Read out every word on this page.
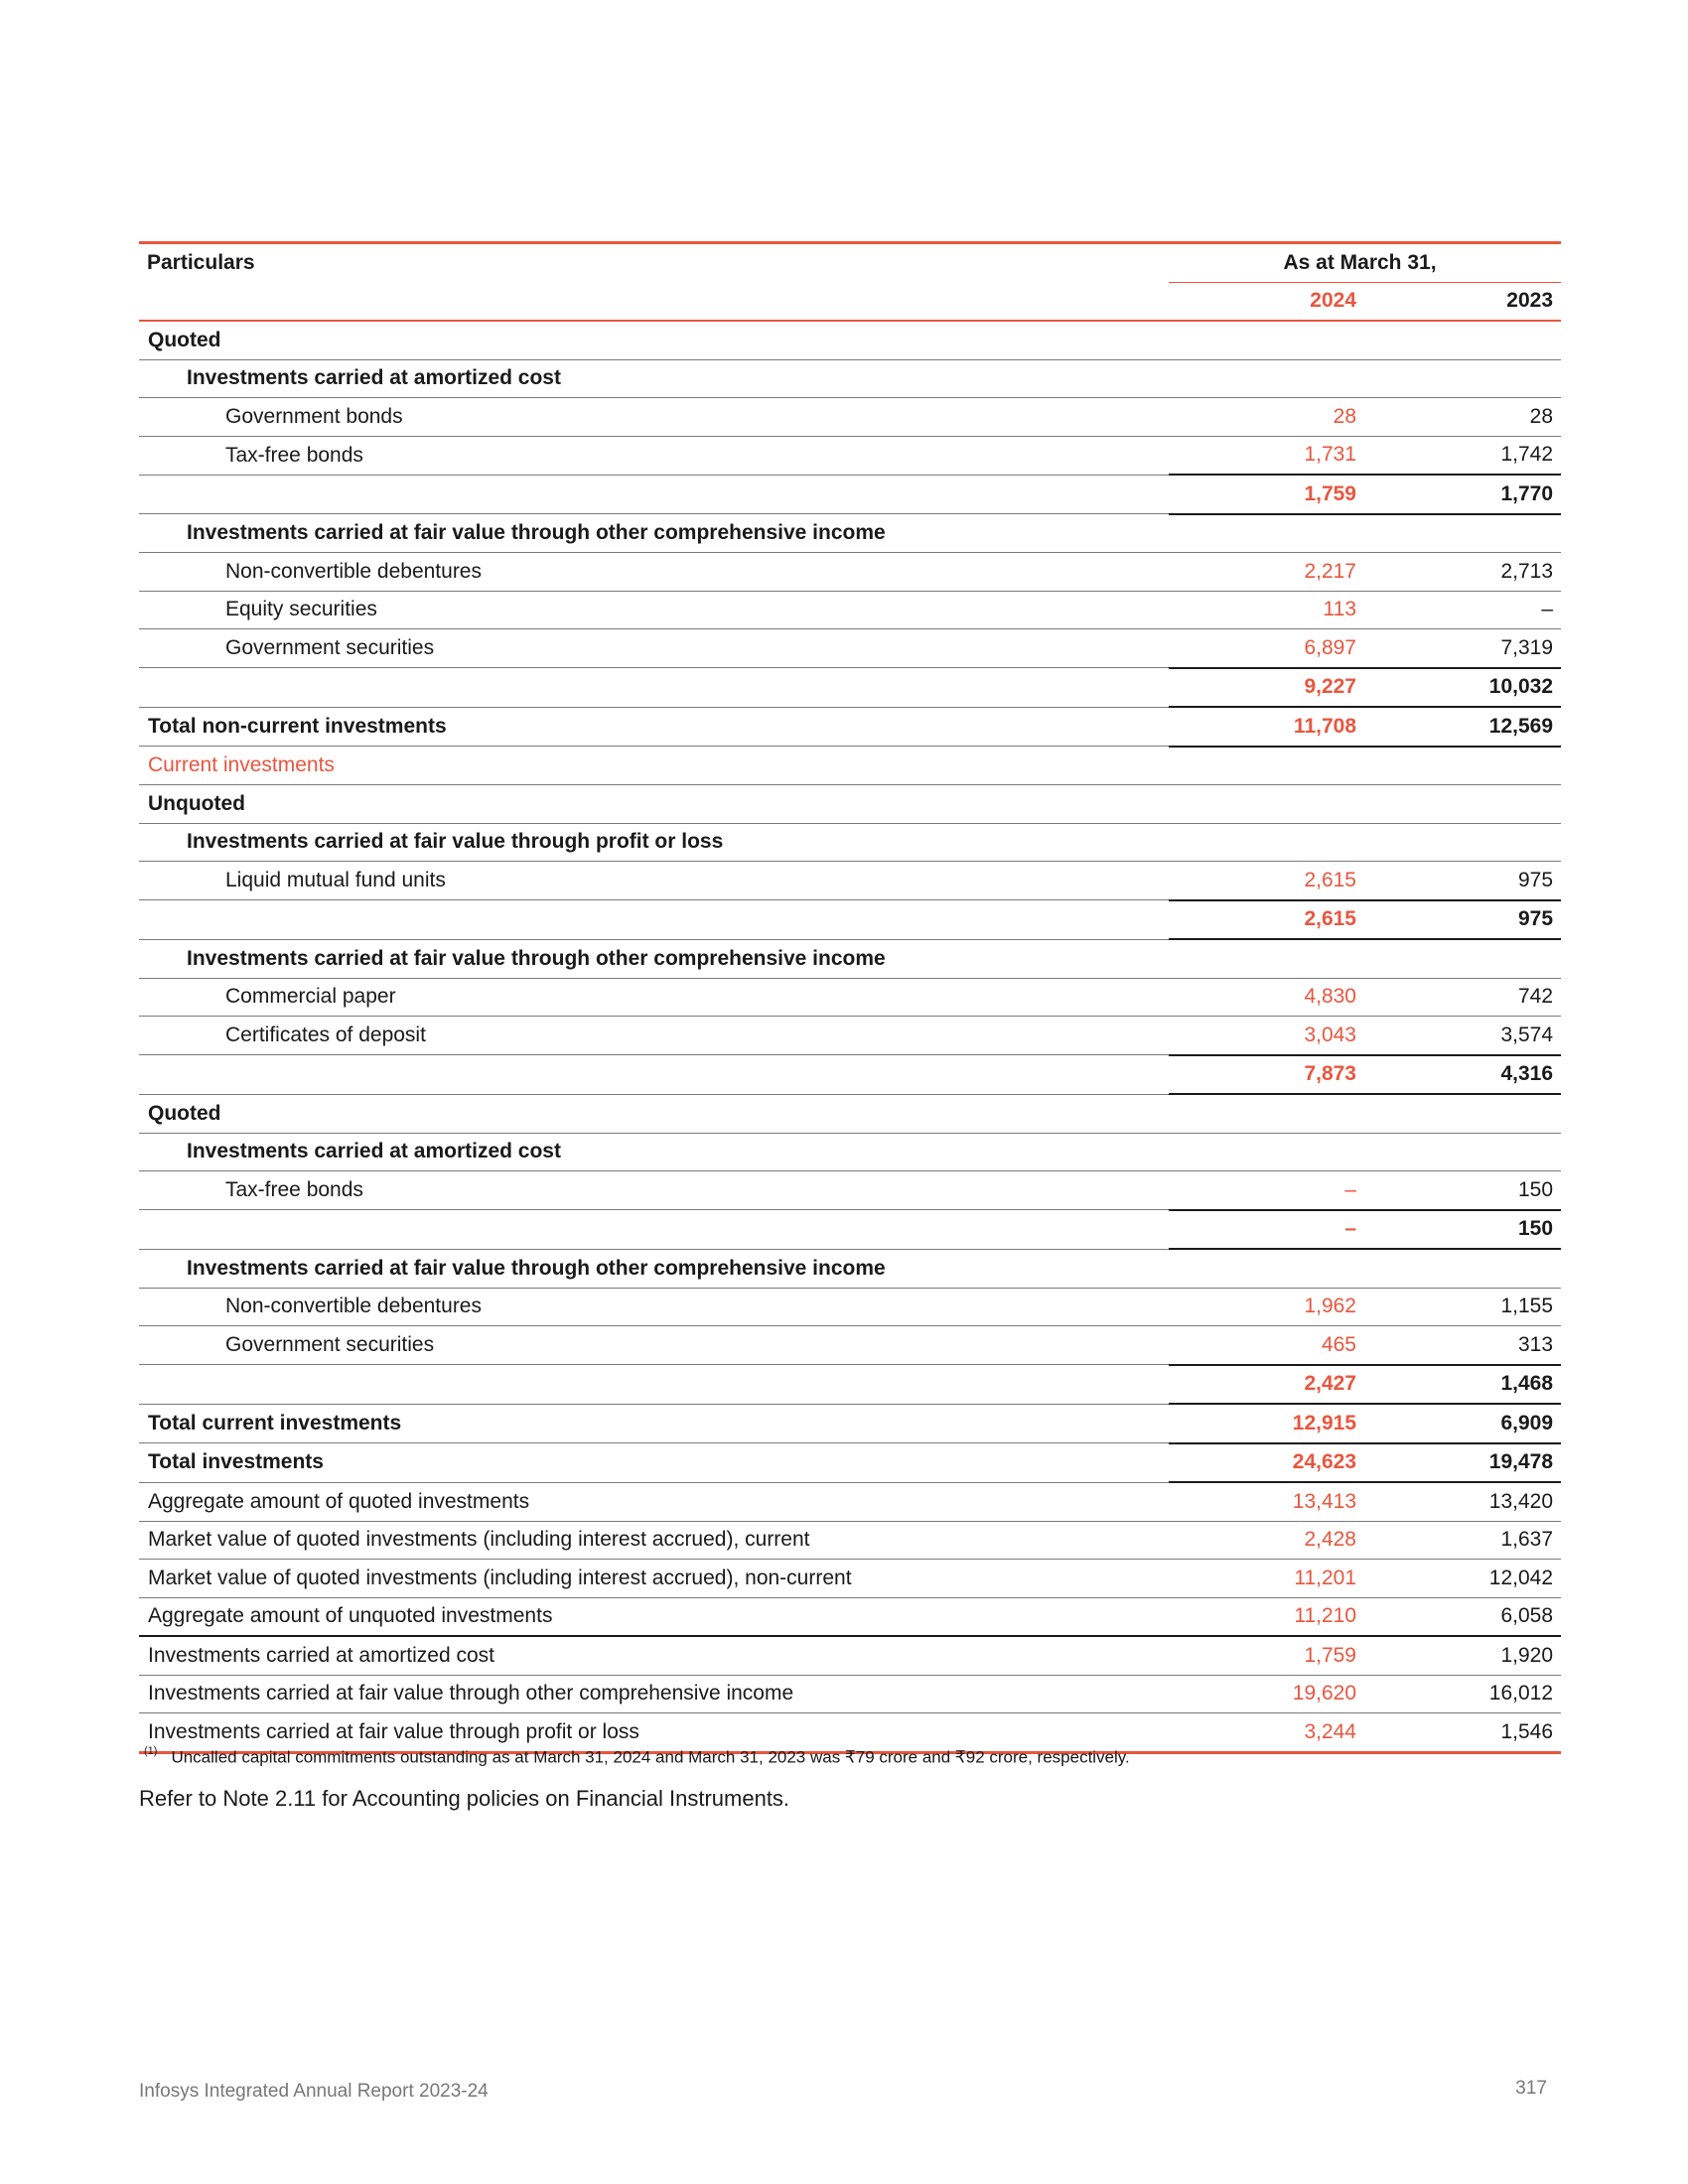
Particulars	As at March 31,	
	2024	2023
Quoted		
Investments carried at amortized cost		
Government bonds	28	28
Tax-free bonds	1,731	1,742
	1,759	1,770
Investments carried at fair value through other comprehensive income		
Non-convertible debentures	2,217	2,713
Equity securities	113	–
Government securities	6,897	7,319
	9,227	10,032
Total non-current investments	11,708	12,569
Current investments		
Unquoted		
Investments carried at fair value through profit or loss		
Liquid mutual fund units	2,615	975
	2,615	975
Investments carried at fair value through other comprehensive income		
Commercial paper	4,830	742
Certificates of deposit	3,043	3,574
	7,873	4,316
Quoted		
Investments carried at amortized cost		
Tax-free bonds	–	150
	–	150
Investments carried at fair value through other comprehensive income		
Non-convertible debentures	1,962	1,155
Government securities	465	313
	2,427	1,468
Total current investments	12,915	6,909
Total investments	24,623	19,478
Aggregate amount of quoted investments	13,413	13,420
Market value of quoted investments (including interest accrued), current	2,428	1,637
Market value of quoted investments (including interest accrued), non-current	11,201	12,042
Aggregate amount of unquoted investments	11,210	6,058
Investments carried at amortized cost	1,759	1,920
Investments carried at fair value through other comprehensive income	19,620	16,012
Investments carried at fair value through profit or loss	3,244	1,546
$^{(1)}$ Uncalled capital commitments outstanding as at March 31, 2024 and March 31, 2023 was ₹79 crore and ₹92 crore, respectively.
Refer to Note 2.11 for Accounting policies on Financial Instruments.
Infosys Integrated Annual Report 2023-24	317
